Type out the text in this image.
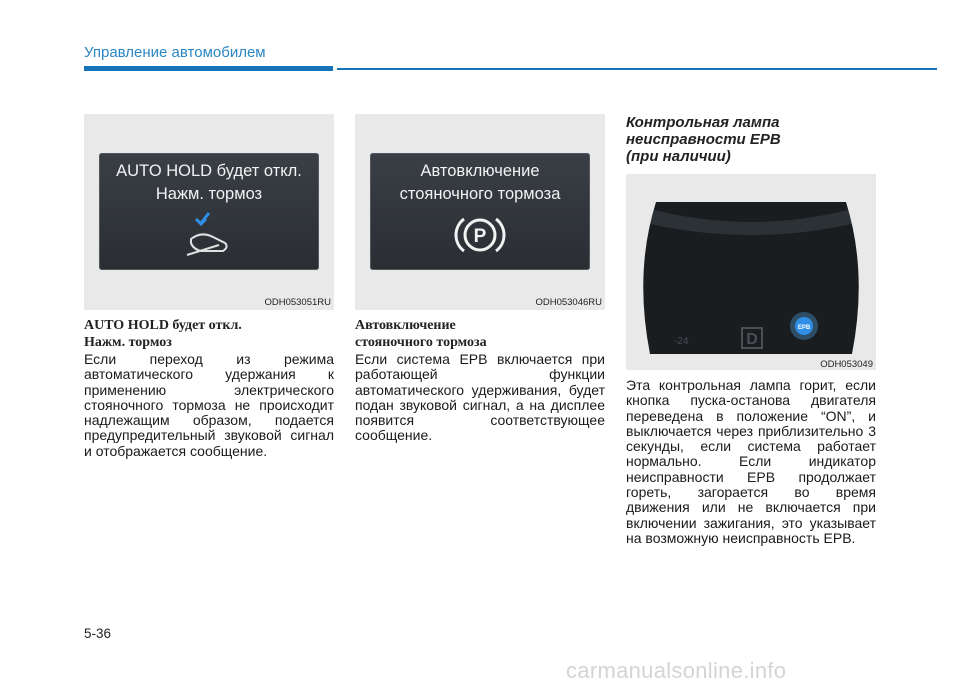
Управление автомобилем
AUTO HOLD будет откл.
Нажм. тормоз
ODH053051RU
Автовключение
стояночного тормоза
P
ODH053046RU
D
-24
EPB
ODH053049
AUTO HOLD будет откл.
Нажм. тормоз
Если переход из режима автоматического удержания к применению электрического стояночного тормоза не происходит надлежащим образом, подается предупредительный звуковой сигнал и отображается сообщение.
Автовключение
стояночного тормоза
Если система EPB включается при работающей функции автоматического удерживания, будет подан звуковой сигнал, а на дисплее появится соответствующее сообщение.
Контрольная лампа
неисправности EPB
(при наличии)
Эта контрольная лампа горит, если кнопка пуска-останова двигателя переведена в положение “ON”, и выключается через приблизительно 3 секунды, если система работает нормально. Если индикатор неисправности EPB продолжает гореть, загорается во время движения или не включается при включении зажигания, это указывает на возможную неисправность EPB.
5-36
carmanualsonline.info
